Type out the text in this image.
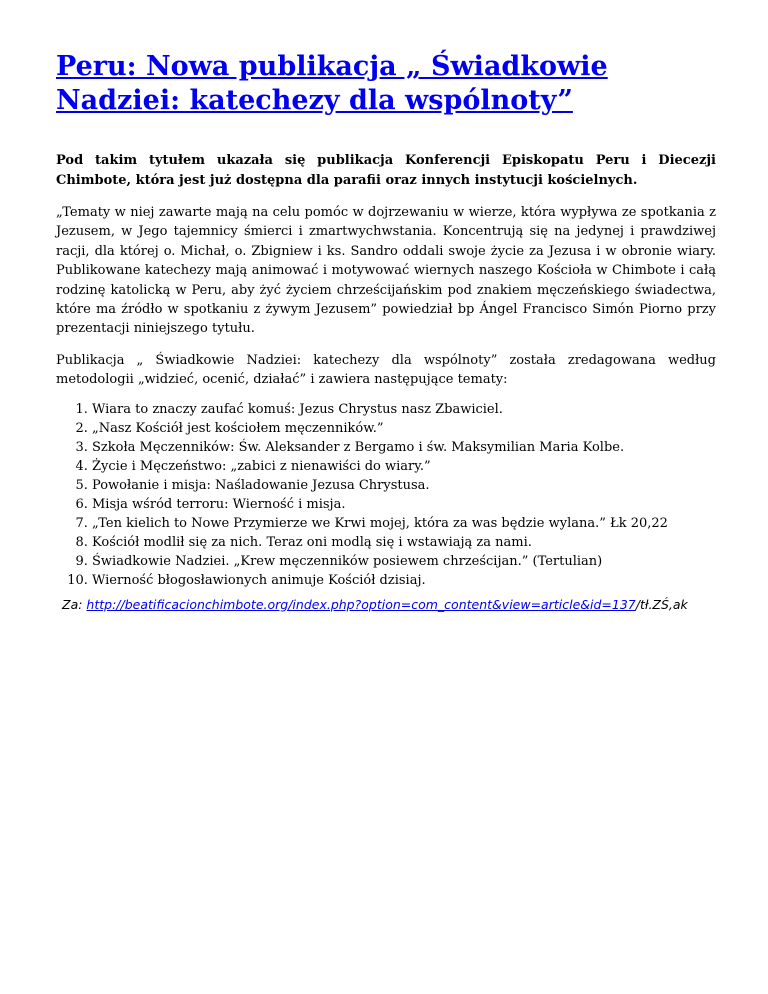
Peru: Nowa publikacja „ Świadkowie Nadziei: katechezy dla wspólnoty”

Pod takim tytułem ukazała się publikacja Konferencji Episkopatu Peru i Diecezji Chimbote, która jest już dostępna dla parafii oraz innych instytucji kościelnych.

„Tematy w niej zawarte mają na celu pomóc w dojrzewaniu w wierze, która wypływa ze spotkania z Jezusem, w Jego tajemnicy śmierci i zmartwychwstania. Koncentrują się na jedynej i prawdziwej racji, dla której o. Michał, o. Zbigniew i ks. Sandro oddali swoje życie za Jezusa i w obronie wiary. Publikowane katechezy mają animować i motywować wiernych naszego Kościoła w Chimbote i całą rodzinę katolicką w Peru, aby żyć życiem chrześcijańskim pod znakiem męczeńskiego świadectwa, które ma źródło w spotkaniu z żywym Jezusem” powiedział bp Ángel Francisco Simón Piorno przy prezentacji niniejszego tytułu.

Publikacja „ Świadkowie Nadziei: katechezy dla wspólnoty” została zredagowana według metodologii „widzieć, ocenić, działać” i zawiera następujące tematy:

1. Wiara to znaczy zaufać komuś: Jezus Chrystus nasz Zbawiciel.
2. „Nasz Kościół jest kościołem męczenników.”
3. Szkoła Męczenników: Św. Aleksander z Bergamo i św. Maksymilian Maria Kolbe.
4. Życie i Męczeństwo: „zabici z nienawiści do wiary.”
5. Powołanie i misja: Naśladowanie Jezusa Chrystusa.
6. Misja wśród terroru: Wierność i misja.
7. „Ten kielich to Nowe Przymierze we Krwi mojej, która za was będzie wylana.” Łk 20,22
8. Kościół modlił się za nich. Teraz oni modlą się i wstawiają za nami.
9. Świadkowie Nadziei. „Krew męczenników posiewem chrześcijan.” (Tertulian)
10. Wierność błogosławionych animuje Kościół dzisiaj.

Za: http://beatificacionchimbote.org/index.php?option=com_content&view=article&id=137/tł.ZŚ,ak
